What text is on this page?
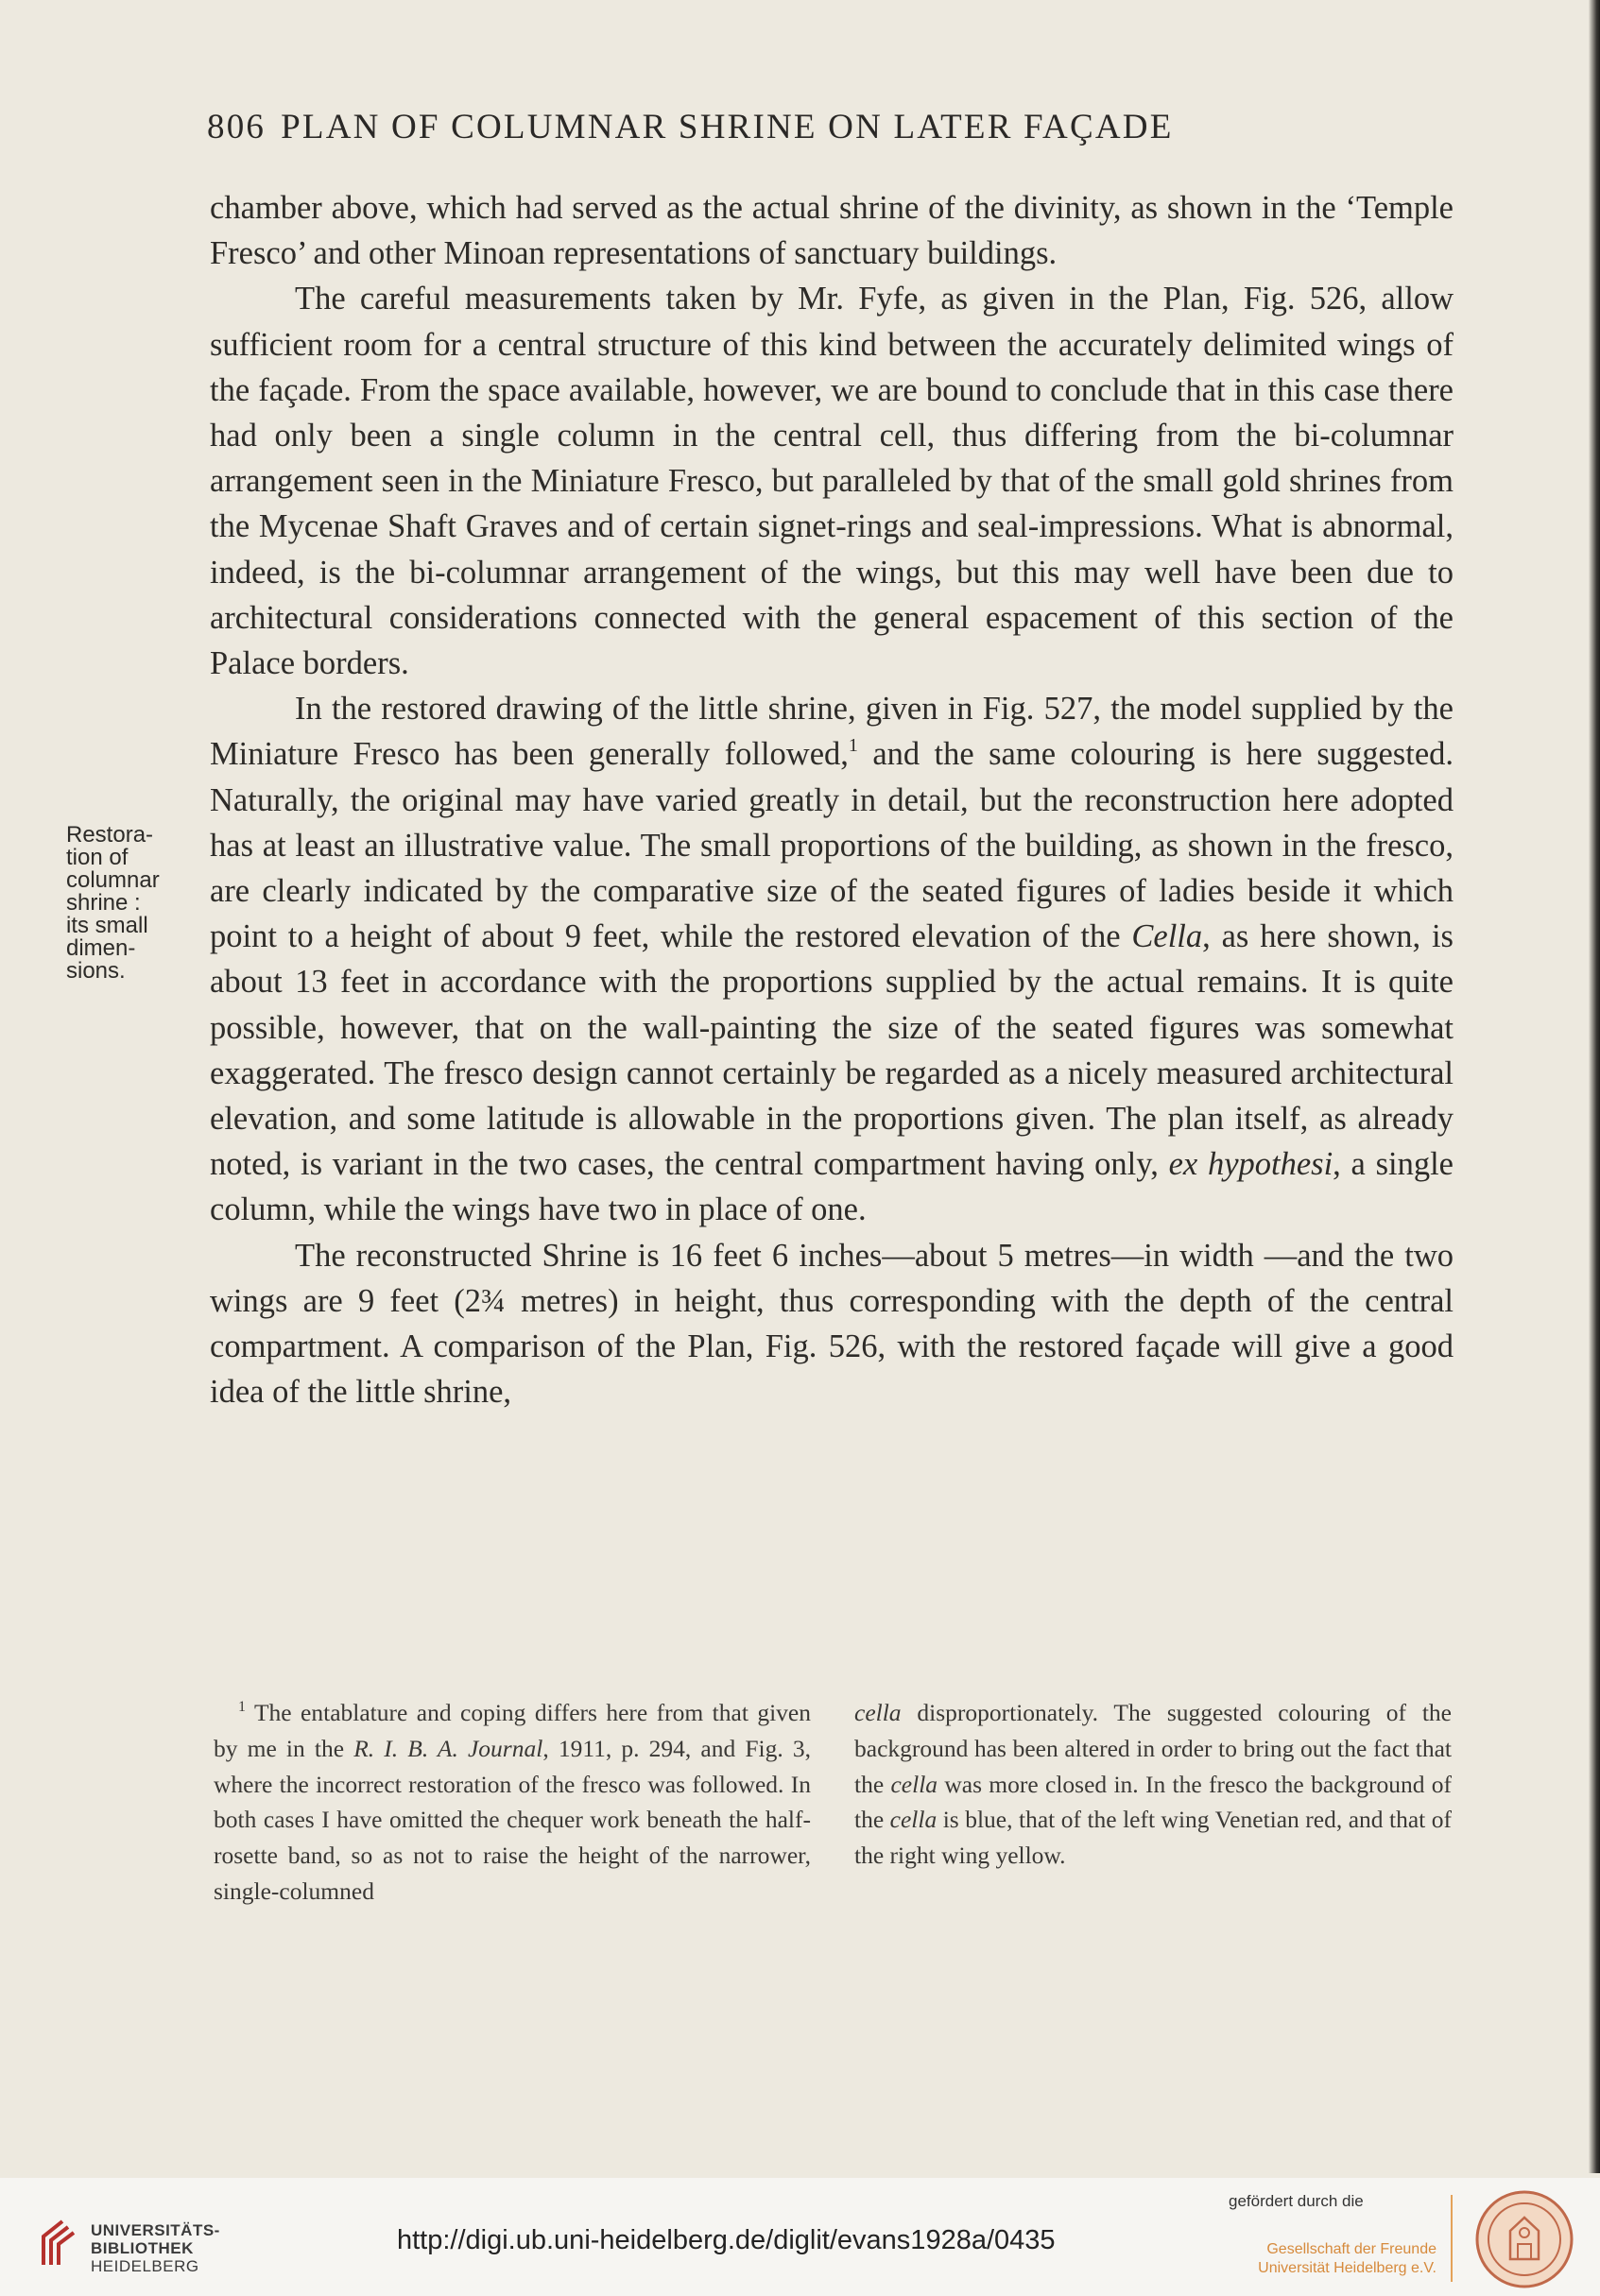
806 PLAN OF COLUMNAR SHRINE ON LATER FAÇADE
Restora-
tion of
columnar
shrine :
its small
dimen-
sions.

chamber above, which had served as the actual shrine of the divinity, as shown in the ‘Temple Fresco’ and other Minoan representations of sanctuary buildings.

The careful measurements taken by Mr. Fyfe, as given in the Plan, Fig. 526, allow sufficient room for a central structure of this kind between the accurately delimited wings of the façade. From the space available, however, we are bound to conclude that in this case there had only been a single column in the central cell, thus differing from the bi-columnar arrangement seen in the Miniature Fresco, but paralleled by that of the small gold shrines from the Mycenae Shaft Graves and of certain signet-rings and seal-impressions. What is abnormal, indeed, is the bi-columnar arrangement of the wings, but this may well have been due to architectural considerations connected with the general espacement of this section of the Palace borders.

In the restored drawing of the little shrine, given in Fig. 527, the model supplied by the Miniature Fresco has been generally followed,$^1$ and the same colouring is here suggested. Naturally, the original may have varied greatly in detail, but the reconstruction here adopted has at least an illustrative value. The small proportions of the building, as shown in the fresco, are clearly indicated by the comparative size of the seated figures of ladies beside it which point to a height of about 9 feet, while the restored elevation of the Cella, as here shown, is about 13 feet in accordance with the proportions supplied by the actual remains. It is quite possible, however, that on the wall-painting the size of the seated figures was somewhat exaggerated. The fresco design cannot certainly be regarded as a nicely measured architectural elevation, and some latitude is allowable in the proportions given. The plan itself, as already noted, is variant in the two cases, the central compartment having only, ex hypothesi, a single column, while the wings have two in place of one.

The reconstructed Shrine is 16 feet 6 inches—about 5 metres—in width —and the two wings are 9 feet (2¾ metres) in height, thus corresponding with the depth of the central compartment. A comparison of the Plan, Fig. 526, with the restored façade will give a good idea of the little shrine,

$^1$ The entablature and coping differs here from that given by me in the R. I. B. A. Journal, 1911, p. 294, and Fig. 3, where the incorrect restoration of the fresco was followed. In both cases I have omitted the chequer work beneath the half-rosette band, so as not to raise the height of the narrower, single-columned

cella disproportionately. The suggested colouring of the background has been altered in order to bring out the fact that the cella was more closed in. In the fresco the background of the cella is blue, that of the left wing Venetian red, and that of the right wing yellow.

UNIVERSITÄTS-
BIBLIOTHEK
HEIDELBERG
http://digi.ub.uni-heidelberg.de/diglit/evans1928a/0435
gefördert durch die
Gesellschaft der Freunde
Universität Heidelberg e.V.
